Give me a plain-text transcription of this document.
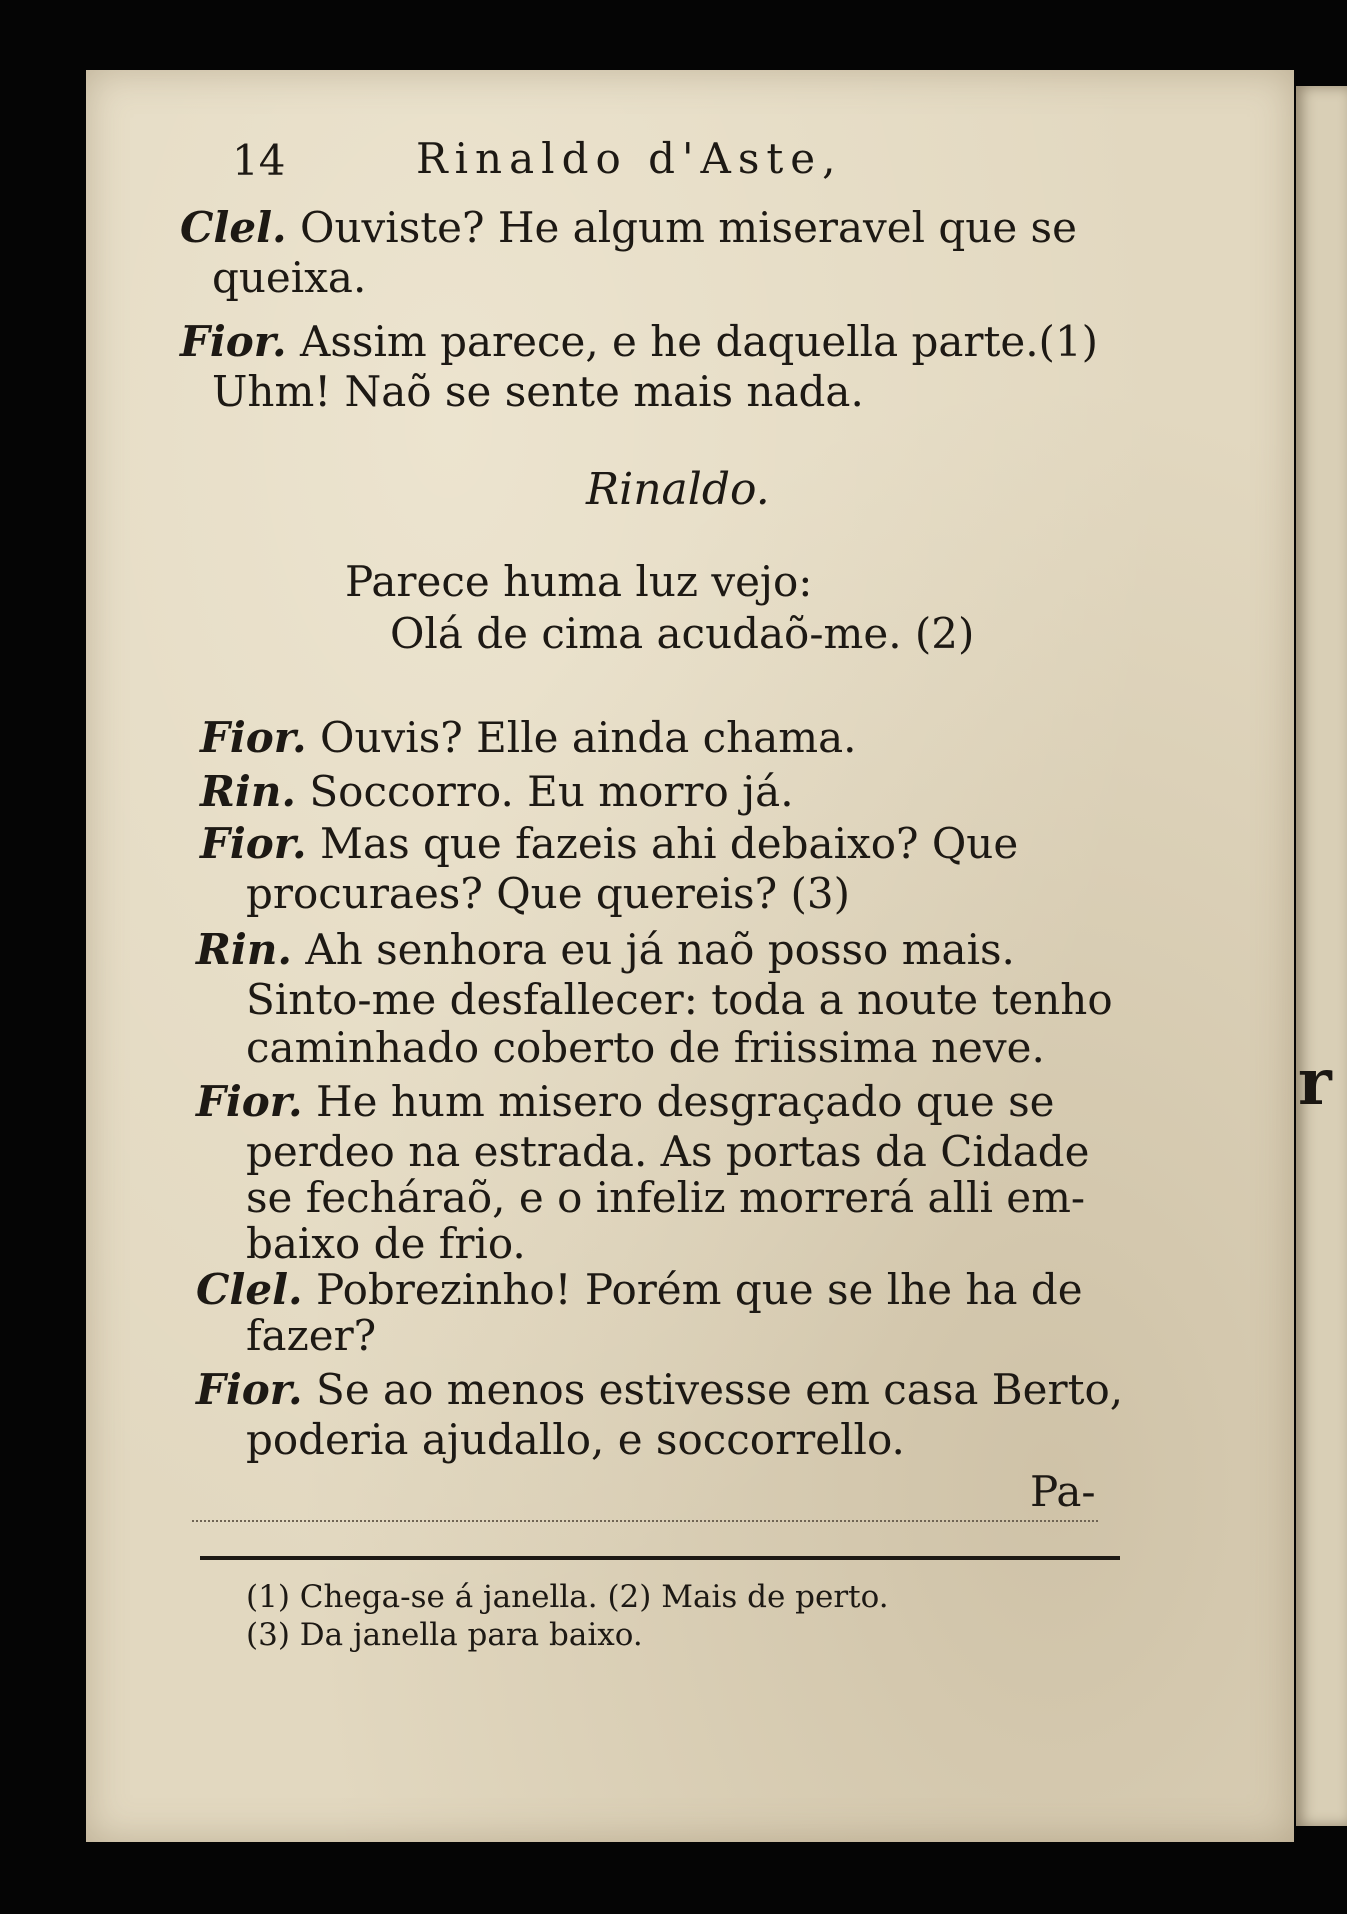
r
14	Rinaldo d'Aste,
Clel. Ouviste? He algum miseravel que se
queixa.
Fior. Assim parece, e he daquella parte.(1)
Uhm! Naõ se sente mais nada.
Rinaldo.
Parece huma luz vejo:
Olá de cima acudaõ-me. (2)
Fior. Ouvis? Elle ainda chama.
Rin. Soccorro. Eu morro já.
Fior. Mas que fazeis ahi debaixo? Que
procuraes? Que quereis? (3)
Rin. Ah senhora eu já naõ posso mais.
Sinto-me desfallecer: toda a noute tenho
caminhado coberto de friissima neve.
Fior. He hum misero desgraçado que se
perdeo na estrada. As portas da Cidade
se fecháraõ, e o infeliz morrerá alli em-
baixo de frio.
Clel. Pobrezinho! Porém que se lhe ha de
fazer?
Fior. Se ao menos estivesse em casa Berto,
poderia ajudallo, e soccorrello.
Pa-
(1) Chega-se á janella. (2) Mais de perto.
(3) Da janella para baixo.
